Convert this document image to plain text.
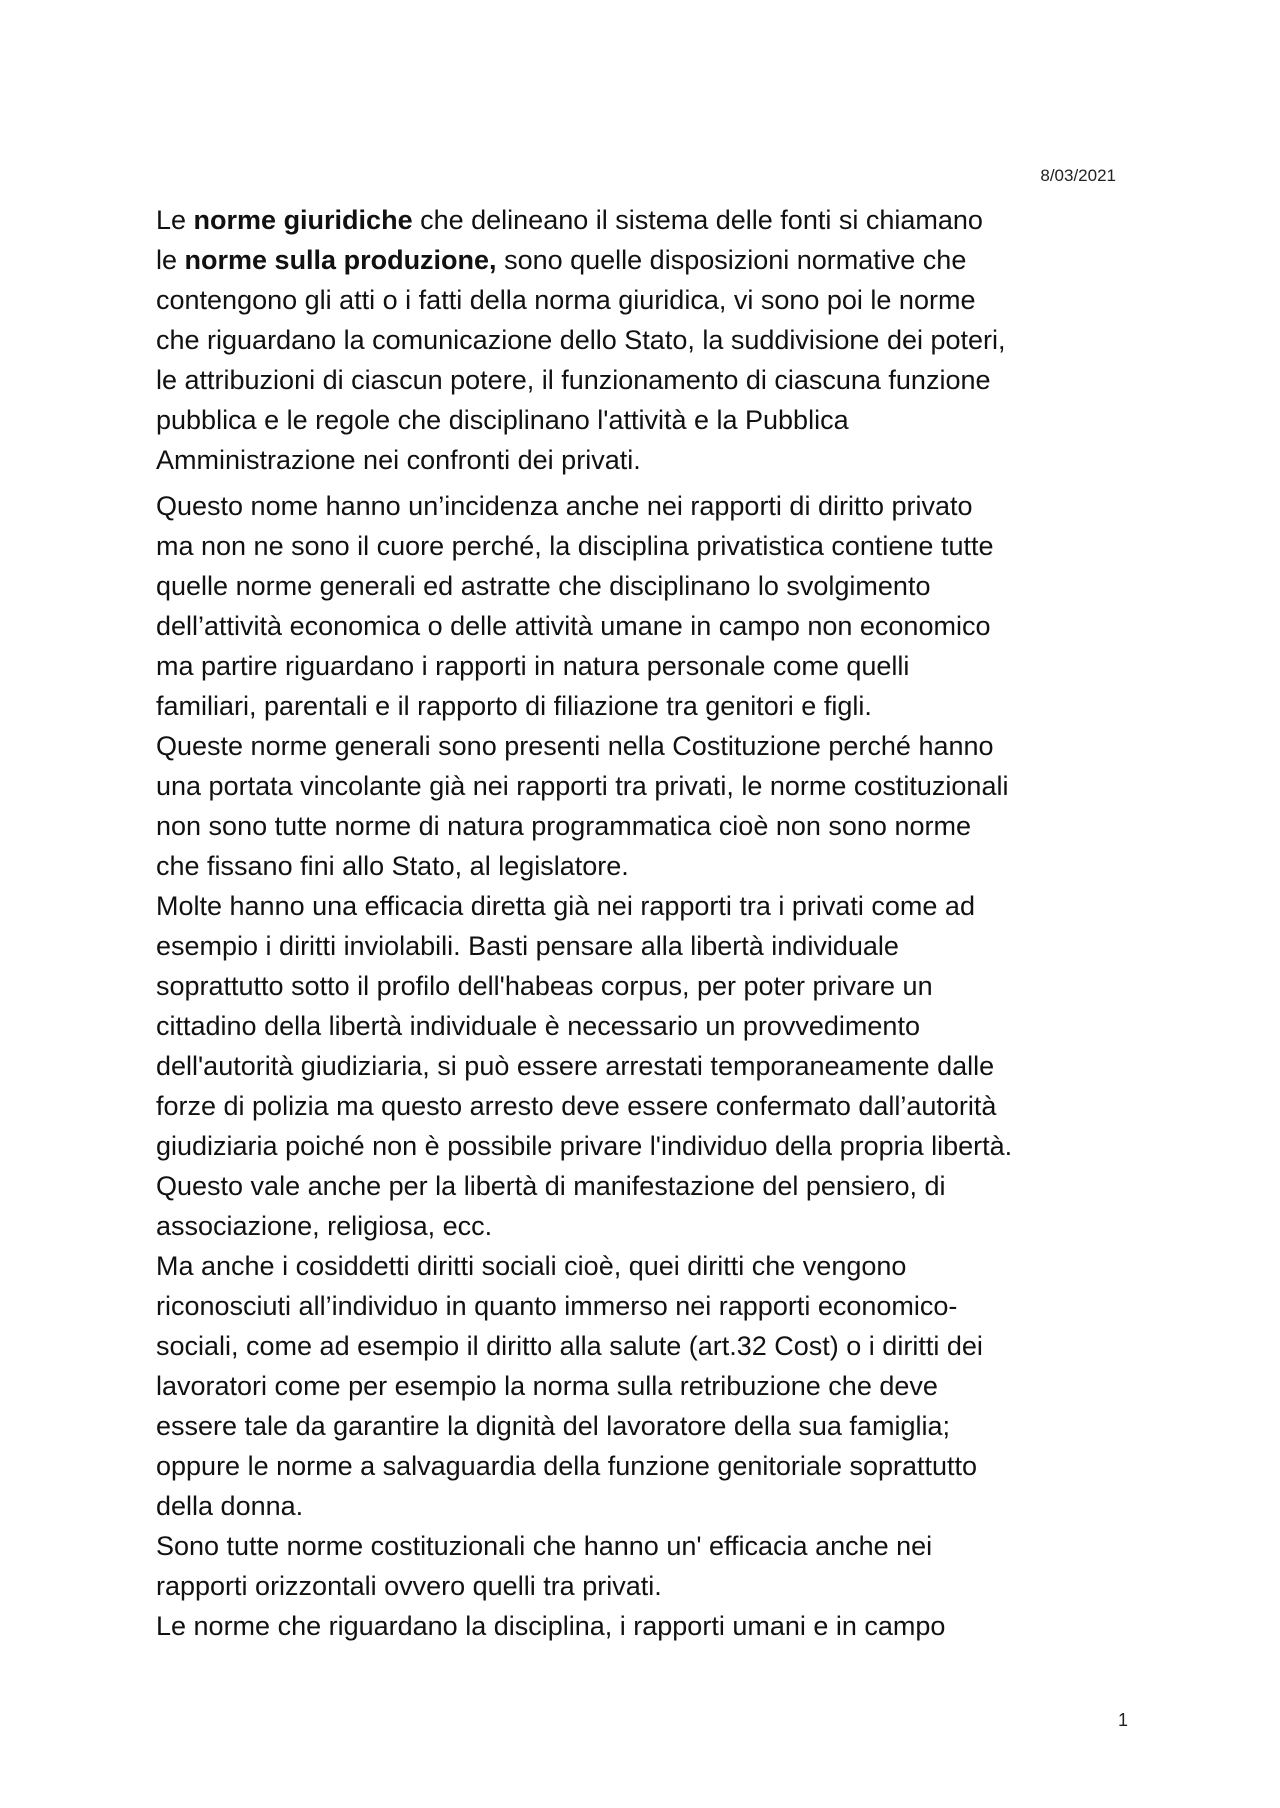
8/03/2021
Le norme giuridiche che delineano il sistema delle fonti si chiamano
le norme sulla produzione, sono quelle disposizioni normative che
contengono gli atti o i fatti della norma giuridica, vi sono poi le norme
che riguardano la comunicazione dello Stato, la suddivisione dei poteri,
le attribuzioni di ciascun potere, il funzionamento di ciascuna funzione
pubblica e le regole che disciplinano l'attività e la Pubblica
Amministrazione nei confronti dei privati.
Questo nome hanno un’incidenza anche nei rapporti di diritto privato
ma non ne sono il cuore perché, la disciplina privatistica contiene tutte
quelle norme generali ed astratte che disciplinano lo svolgimento
dell’attività economica o delle attività umane in campo non economico
ma partire riguardano i rapporti in natura personale come quelli
familiari, parentali e il rapporto di filiazione tra genitori e figli.
Queste norme generali sono presenti nella Costituzione perché hanno
una portata vincolante già nei rapporti tra privati, le norme costituzionali
non sono tutte norme di natura programmatica cioè non sono norme
che fissano fini allo Stato, al legislatore.
Molte hanno una efficacia diretta già nei rapporti tra i privati come ad
esempio i diritti inviolabili. Basti pensare alla libertà individuale
soprattutto sotto il profilo dell'habeas corpus, per poter privare un
cittadino della libertà individuale è necessario un provvedimento
dell'autorità giudiziaria, si può essere arrestati temporaneamente dalle
forze di polizia ma questo arresto deve essere confermato dall’autorità
giudiziaria poiché non è possibile privare l'individuo della propria libertà.
Questo vale anche per la libertà di manifestazione del pensiero, di
associazione, religiosa, ecc.
Ma anche i cosiddetti diritti sociali cioè, quei diritti che vengono
riconosciuti all’individuo in quanto immerso nei rapporti economico-
sociali, come ad esempio il diritto alla salute (art.32 Cost) o i diritti dei
lavoratori come per esempio la norma sulla retribuzione che deve
essere tale da garantire la dignità del lavoratore della sua famiglia;
oppure le norme a salvaguardia della funzione genitoriale soprattutto
della donna.
Sono tutte norme costituzionali che hanno un' efficacia anche nei
rapporti orizzontali ovvero quelli tra privati.
Le norme che riguardano la disciplina, i rapporti umani e in campo
1
